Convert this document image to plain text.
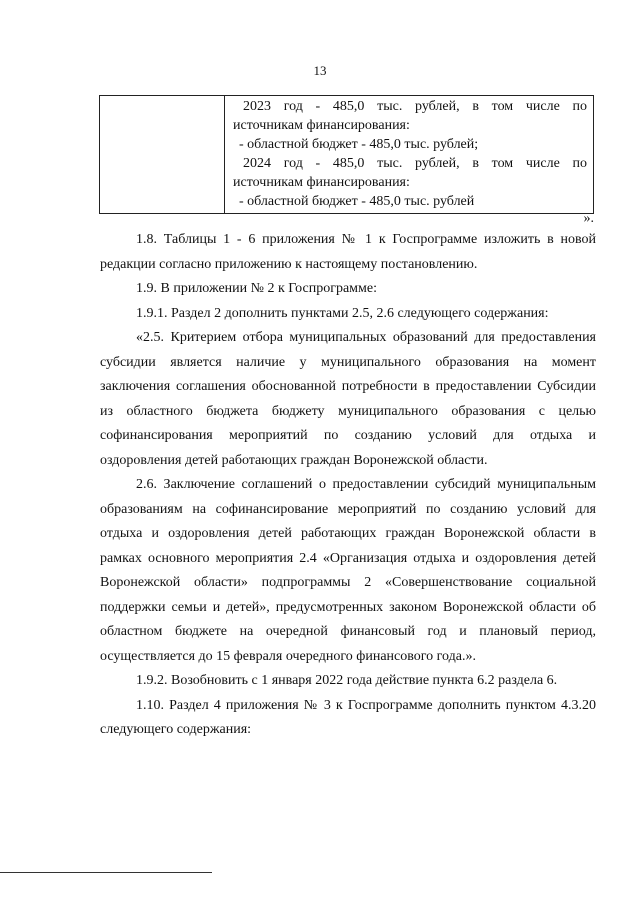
13

2023 год - 485,0 тыс. рублей, в том числе по
источникам финансирования:
- областной бюджет - 485,0 тыс. рублей;
2024 год - 485,0 тыс. рублей, в том числе по
источникам финансирования:
- областной бюджет - 485,0 тыс. рублей
».
1.8. Таблицы 1 - 6 приложения № 1 к Госпрограмме изложить в новой
редакции согласно приложению к настоящему постановлению.
1.9. В приложении № 2 к Госпрограмме:
1.9.1. Раздел 2 дополнить пунктами 2.5, 2.6 следующего содержания:
«2.5. Критерием отбора муниципальных образований для предоставления
субсидии является наличие у муниципального образования на момент
заключения соглашения обоснованной потребности в предоставлении Субсидии
из областного бюджета бюджету муниципального образования с целью
софинансирования мероприятий по созданию условий для отдыха и
оздоровления детей работающих граждан Воронежской области.
2.6. Заключение соглашений о предоставлении субсидий муниципальным
образованиям на софинансирование мероприятий по созданию условий для
отдыха и оздоровления детей работающих граждан Воронежской области в
рамках основного мероприятия 2.4 «Организация отдыха и оздоровления детей
Воронежской области» подпрограммы 2 «Совершенствование социальной
поддержки семьи и детей», предусмотренных законом Воронежской области об
областном бюджете на очередной финансовый год и плановый период,
осуществляется до 15 февраля очередного финансового года.».
1.9.2. Возобновить с 1 января 2022 года действие пункта 6.2 раздела 6.
1.10. Раздел 4 приложения № 3 к Госпрограмме дополнить пунктом 4.3.20
следующего содержания:
